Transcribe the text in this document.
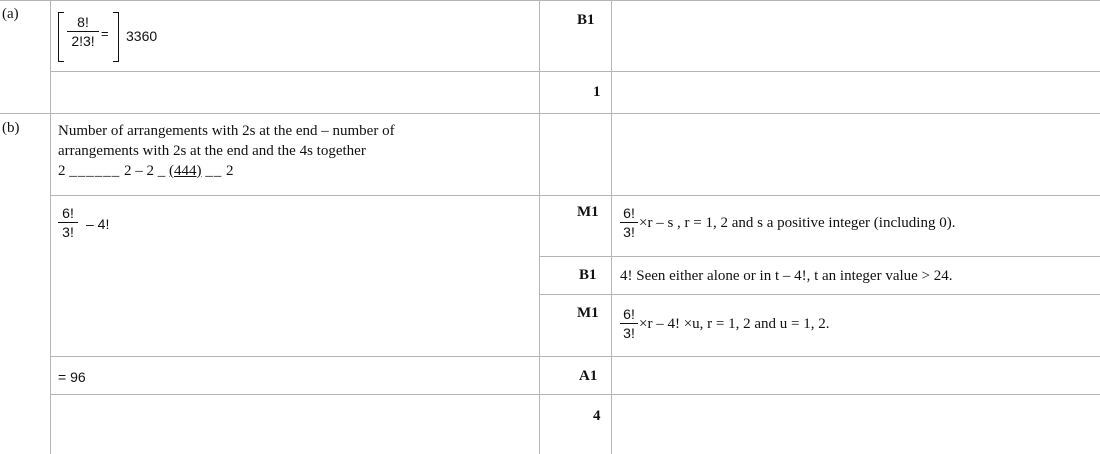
(a)
(b)
8!
2!3! = 3360
B1
1
Number of arrangements with 2s at the end – number of
arrangements with 2s at the end and the 4s together
2 ______ 2 – 2 _ (444) __ 2
6!
3! – 4!
M1 6!
3!
×r – s , r = 1, 2 and s a positive integer (including 0).
B1 4! Seen either alone or in t – 4!, t an integer value > 24.
M1 6!
3!
×r – 4! ×u, r = 1, 2 and u = 1, 2.
= 96	A1
4
